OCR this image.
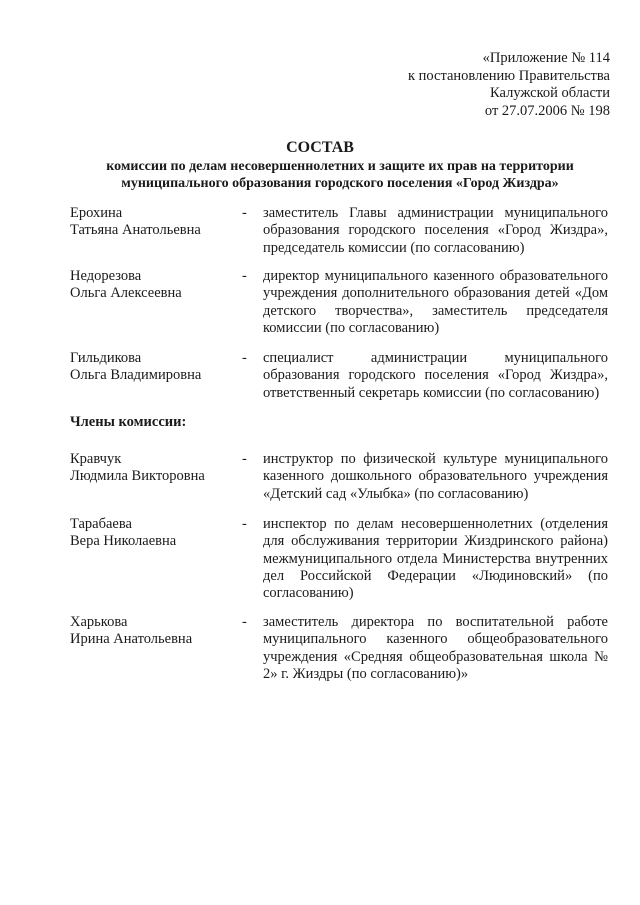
«Приложение № 114
к постановлению Правительства
Калужской области
от 27.07.2006 № 198
СОСТАВ
комиссии по делам несовершеннолетних и защите их прав на территории муниципального образования городского поселения «Город Жиздра»
Ерохина
Татьяна Анатольевна
- заместитель Главы администрации муниципального образования городского поселения «Город Жиздра», председатель комиссии (по согласованию)
Недорезова
Ольга Алексеевна
- директор муниципального казенного образовательного учреждения дополнительного образования детей «Дом детского творчества», заместитель председателя комиссии (по согласованию)
Гильдикова
Ольга Владимировна
- специалист администрации муниципального образования городского поселения «Город Жиздра», ответственный секретарь комиссии (по согласованию)
Члены комиссии:
Кравчук
Людмила Викторовна
- инструктор по физической культуре муниципального казенного дошкольного образовательного учреждения «Детский сад «Улыбка» (по согласованию)
Тарабаева
Вера Николаевна
- инспектор по делам несовершеннолетних (отделения для обслуживания территории Жиздринского района) межмуниципального отдела Министерства внутренних дел Российской Федерации «Людиновский» (по согласованию)
Харькова
Ирина Анатольевна
- заместитель директора по воспитательной работе муниципального казенного общеобразовательного учреждения «Средняя общеобразовательная школа № 2» г. Жиздры (по согласованию)»
